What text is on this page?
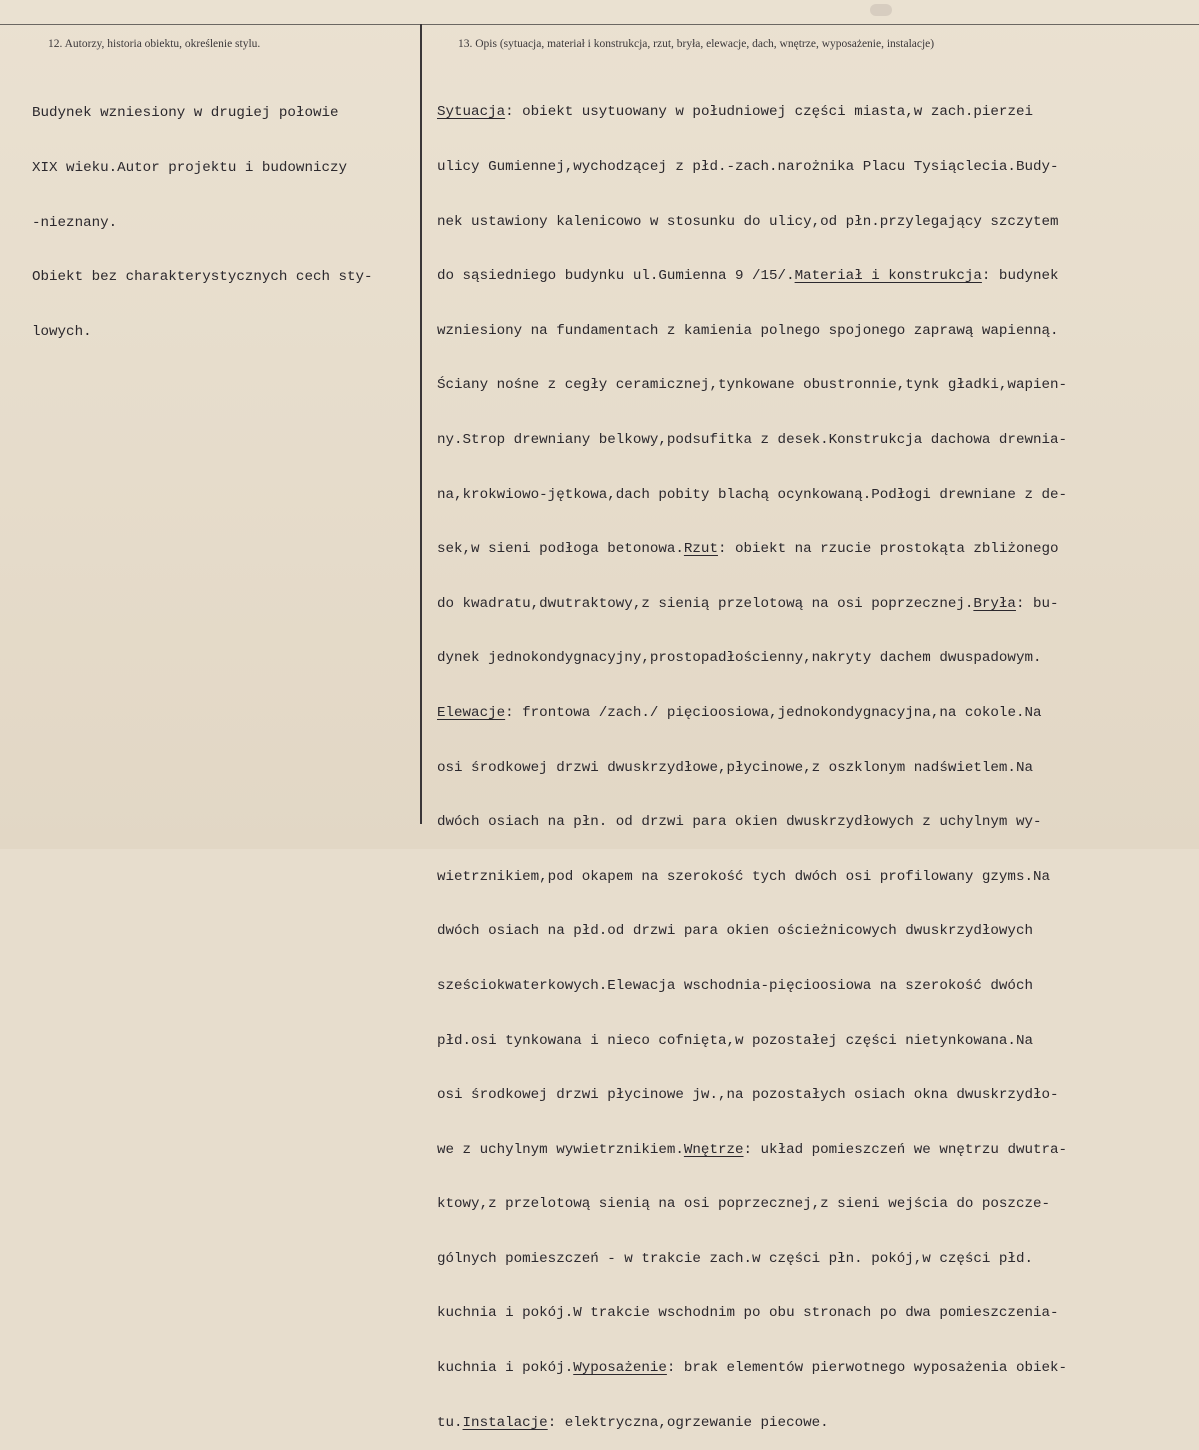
12. Autorzy, historia obiektu, określenie stylu.	13. Opis (sytuacja, materiał i konstrukcja, rzut, bryła, elewacje, dach, wnętrze, wyposażenie, instalacje)

Budynek wzniesiony w drugiej połowie

XIX wieku.Autor projektu i budowniczy

-nieznany.

Obiekt bez charakterystycznych cech sty-

lowych.

Sytuacja: obiekt usytuowany w południowej części miasta,w zach.pierzei

ulicy Gumiennej,wychodzącej z płd.-zach.narożnika Placu Tysiąclecia.Budy-

nek ustawiony kalenicowo w stosunku do ulicy,od płn.przylegający szczytem

do sąsiedniego budynku ul.Gumienna 9 /15/.Materiał i konstrukcja: budynek

wzniesiony na fundamentach z kamienia polnego spojonego zaprawą wapienną.

Ściany nośne z cegły ceramicznej,tynkowane obustronnie,tynk gładki,wapien-

ny.Strop drewniany belkowy,podsufitka z desek.Konstrukcja dachowa drewnia-

na,krokwiowo-jętkowa,dach pobity blachą ocynkowaną.Podłogi drewniane z de-

sek,w sieni podłoga betonowa.Rzut: obiekt na rzucie prostokąta zbliżonego

do kwadratu,dwutraktowy,z sienią przelotową na osi poprzecznej.Bryła: bu-

dynek jednokondygnacyjny,prostopadłościenny,nakryty dachem dwuspadowym.

Elewacje: frontowa /zach./ pięcioosiowa,jednokondygnacyjna,na cokole.Na

osi środkowej drzwi dwuskrzydłowe,płycinowe,z oszklonym nadświetlem.Na

dwóch osiach na płn. od drzwi para okien dwuskrzydłowych z uchylnym wy-

wietrznikiem,pod okapem na szerokość tych dwóch osi profilowany gzyms.Na

dwóch osiach na płd.od drzwi para okien ościeżnicowych dwuskrzydłowych

sześciokwaterkowych.Elewacja wschodnia-pięcioosiowa na szerokość dwóch

płd.osi tynkowana i nieco cofnięta,w pozostałej części nietynkowana.Na

osi środkowej drzwi płycinowe jw.,na pozostałych osiach okna dwuskrzydło-

we z uchylnym wywietrznikiem.Wnętrze: układ pomieszczeń we wnętrzu dwutra-

ktowy,z przelotową sienią na osi poprzecznej,z sieni wejścia do poszcze-

gólnych pomieszczeń - w trakcie zach.w części płn. pokój,w części płd.

kuchnia i pokój.W trakcie wschodnim po obu stronach po dwa pomieszczenia-

kuchnia i pokój.Wyposażenie: brak elementów pierwotnego wyposażenia obiek-

tu.Instalacje: elektryczna,ogrzewanie piecowe.
